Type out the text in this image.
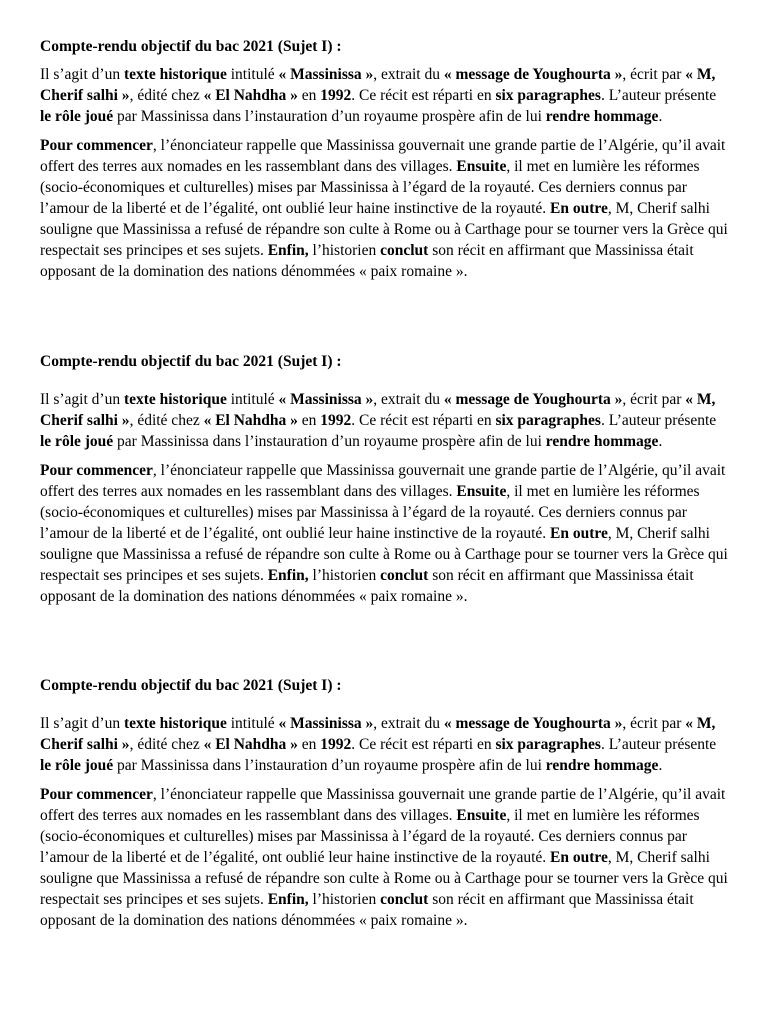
Compte-rendu objectif du bac 2021 (Sujet I) :

Il s’agit d’un texte historique intitulé « Massinissa », extrait du « message de Youghourta », écrit par « M, Cherif salhi », édité chez « El Nahdha » en 1992. Ce récit est réparti en six paragraphes. L’auteur présente le rôle joué par Massinissa dans l’instauration d’un royaume prospère afin de lui rendre hommage.

Pour commencer, l’énonciateur rappelle que Massinissa gouvernait une grande partie de l’Algérie, qu’il avait offert des terres aux nomades en les rassemblant dans des villages. Ensuite, il met en lumière les réformes (socio-économiques et culturelles) mises par Massinissa à l’égard de la royauté. Ces derniers connus par l’amour de la liberté et de l’égalité, ont oublié leur haine instinctive de la royauté. En outre, M, Cherif salhi souligne que Massinissa a refusé de répandre son culte à Rome ou à Carthage pour se tourner vers la Grèce qui respectait ses principes et ses sujets. Enfin, l’historien conclut son récit en affirmant que Massinissa était opposant de la domination des nations dénommées « paix romaine ».

Compte-rendu objectif du bac 2021 (Sujet I) :

Il s’agit d’un texte historique intitulé « Massinissa », extrait du « message de Youghourta », écrit par « M, Cherif salhi », édité chez « El Nahdha » en 1992. Ce récit est réparti en six paragraphes. L’auteur présente le rôle joué par Massinissa dans l’instauration d’un royaume prospère afin de lui rendre hommage.

Pour commencer, l’énonciateur rappelle que Massinissa gouvernait une grande partie de l’Algérie, qu’il avait offert des terres aux nomades en les rassemblant dans des villages. Ensuite, il met en lumière les réformes (socio-économiques et culturelles) mises par Massinissa à l’égard de la royauté. Ces derniers connus par l’amour de la liberté et de l’égalité, ont oublié leur haine instinctive de la royauté. En outre, M, Cherif salhi souligne que Massinissa a refusé de répandre son culte à Rome ou à Carthage pour se tourner vers la Grèce qui respectait ses principes et ses sujets. Enfin, l’historien conclut son récit en affirmant que Massinissa était opposant de la domination des nations dénommées « paix romaine ».

Compte-rendu objectif du bac 2021 (Sujet I) :

Il s’agit d’un texte historique intitulé « Massinissa », extrait du « message de Youghourta », écrit par « M, Cherif salhi », édité chez « El Nahdha » en 1992. Ce récit est réparti en six paragraphes. L’auteur présente le rôle joué par Massinissa dans l’instauration d’un royaume prospère afin de lui rendre hommage.

Pour commencer, l’énonciateur rappelle que Massinissa gouvernait une grande partie de l’Algérie, qu’il avait offert des terres aux nomades en les rassemblant dans des villages. Ensuite, il met en lumière les réformes (socio-économiques et culturelles) mises par Massinissa à l’égard de la royauté. Ces derniers connus par l’amour de la liberté et de l’égalité, ont oublié leur haine instinctive de la royauté. En outre, M, Cherif salhi souligne que Massinissa a refusé de répandre son culte à Rome ou à Carthage pour se tourner vers la Grèce qui respectait ses principes et ses sujets. Enfin, l’historien conclut son récit en affirmant que Massinissa était opposant de la domination des nations dénommées « paix romaine ».
